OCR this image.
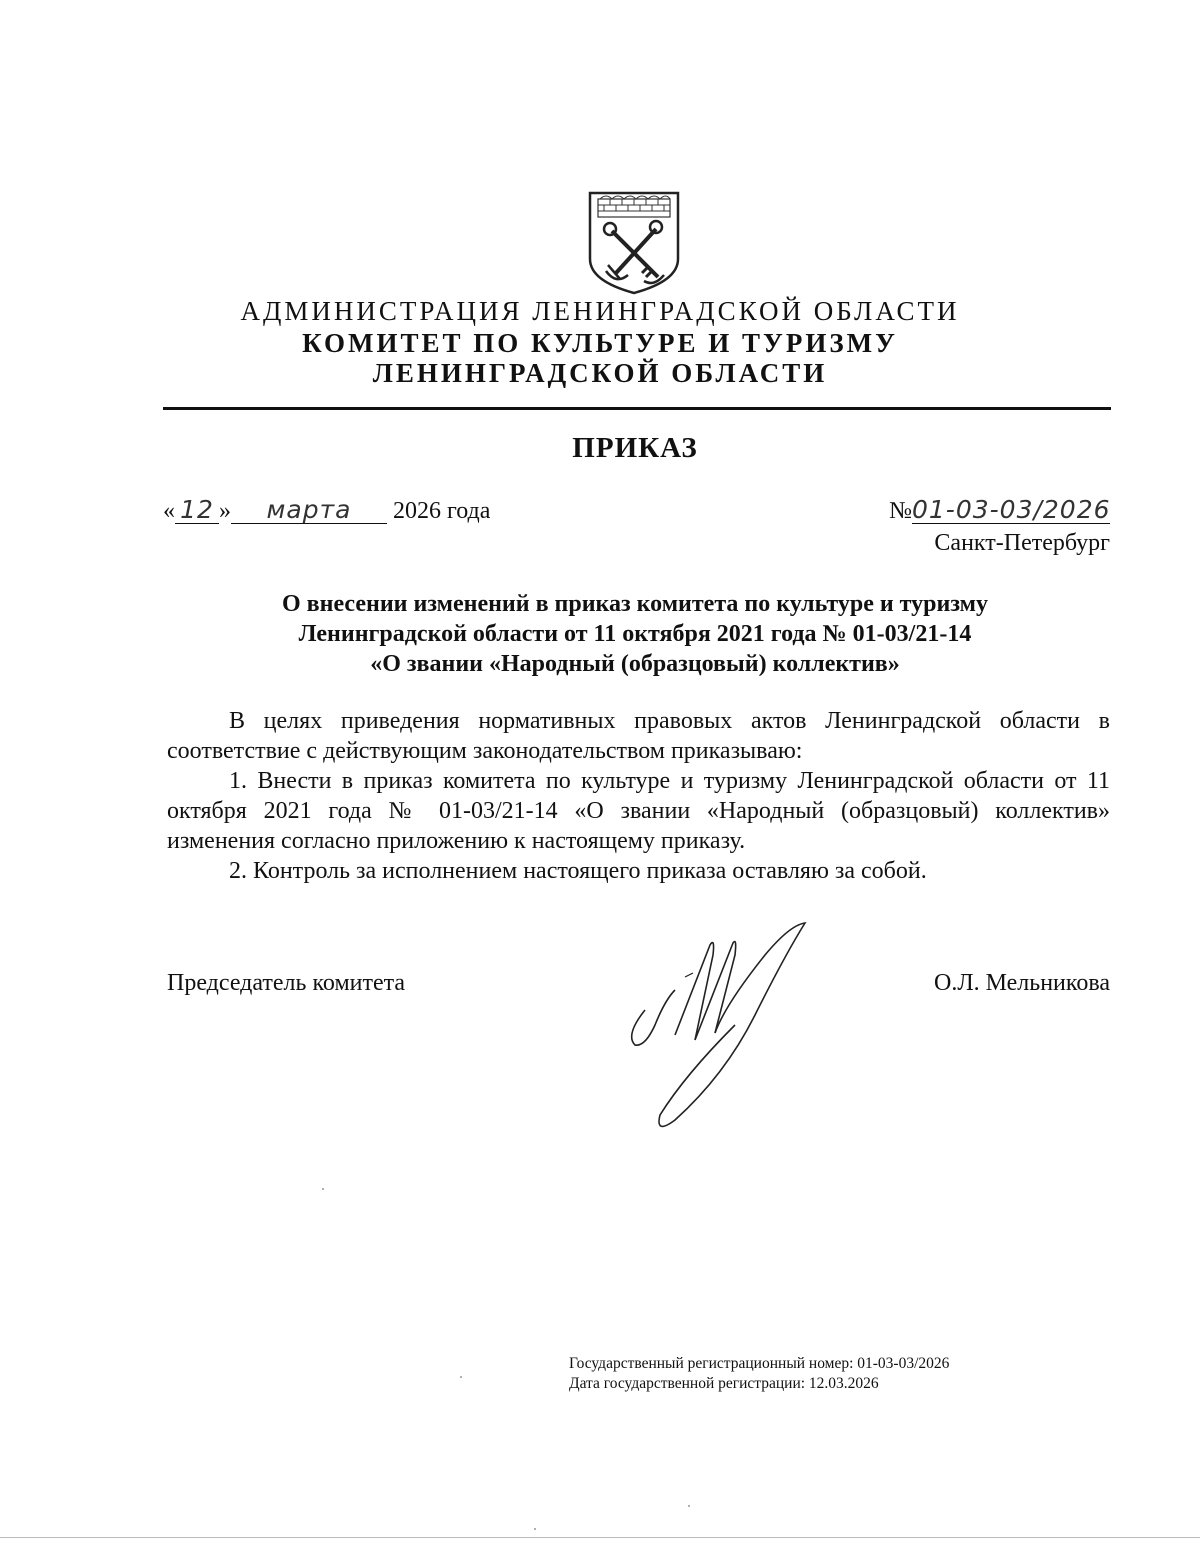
АДМИНИСТРАЦИЯ ЛЕНИНГРАДСКОЙ ОБЛАСТИ
КОМИТЕТ ПО КУЛЬТУРЕ И ТУРИЗМУ
ЛЕНИНГРАДСКОЙ ОБЛАСТИ
ПРИКАЗ
« 12 » марта 2026 года	№01-03-03/2026
Санкт-Петербург
О внесении изменений в приказ комитета по культуре и туризму
Ленинградской области от 11 октября 2021 года № 01-03/21-14
«О звании «Народный (образцовый) коллектив»

В целях приведения нормативных правовых актов Ленинградской области в соответствие с действующим законодательством приказываю:

1. Внести в приказ комитета по культуре и туризму Ленинградской области от 11 октября 2021 года № 01-03/21-14 «О звании «Народный (образцовый) коллектив» изменения согласно приложению к настоящему приказу.

2. Контроль за исполнением настоящего приказа оставляю за собой.

Председатель комитета	О.Л. Мельникова
Государственный регистрационный номер: 01-03-03/2026
Дата государственной регистрации: 12.03.2026
